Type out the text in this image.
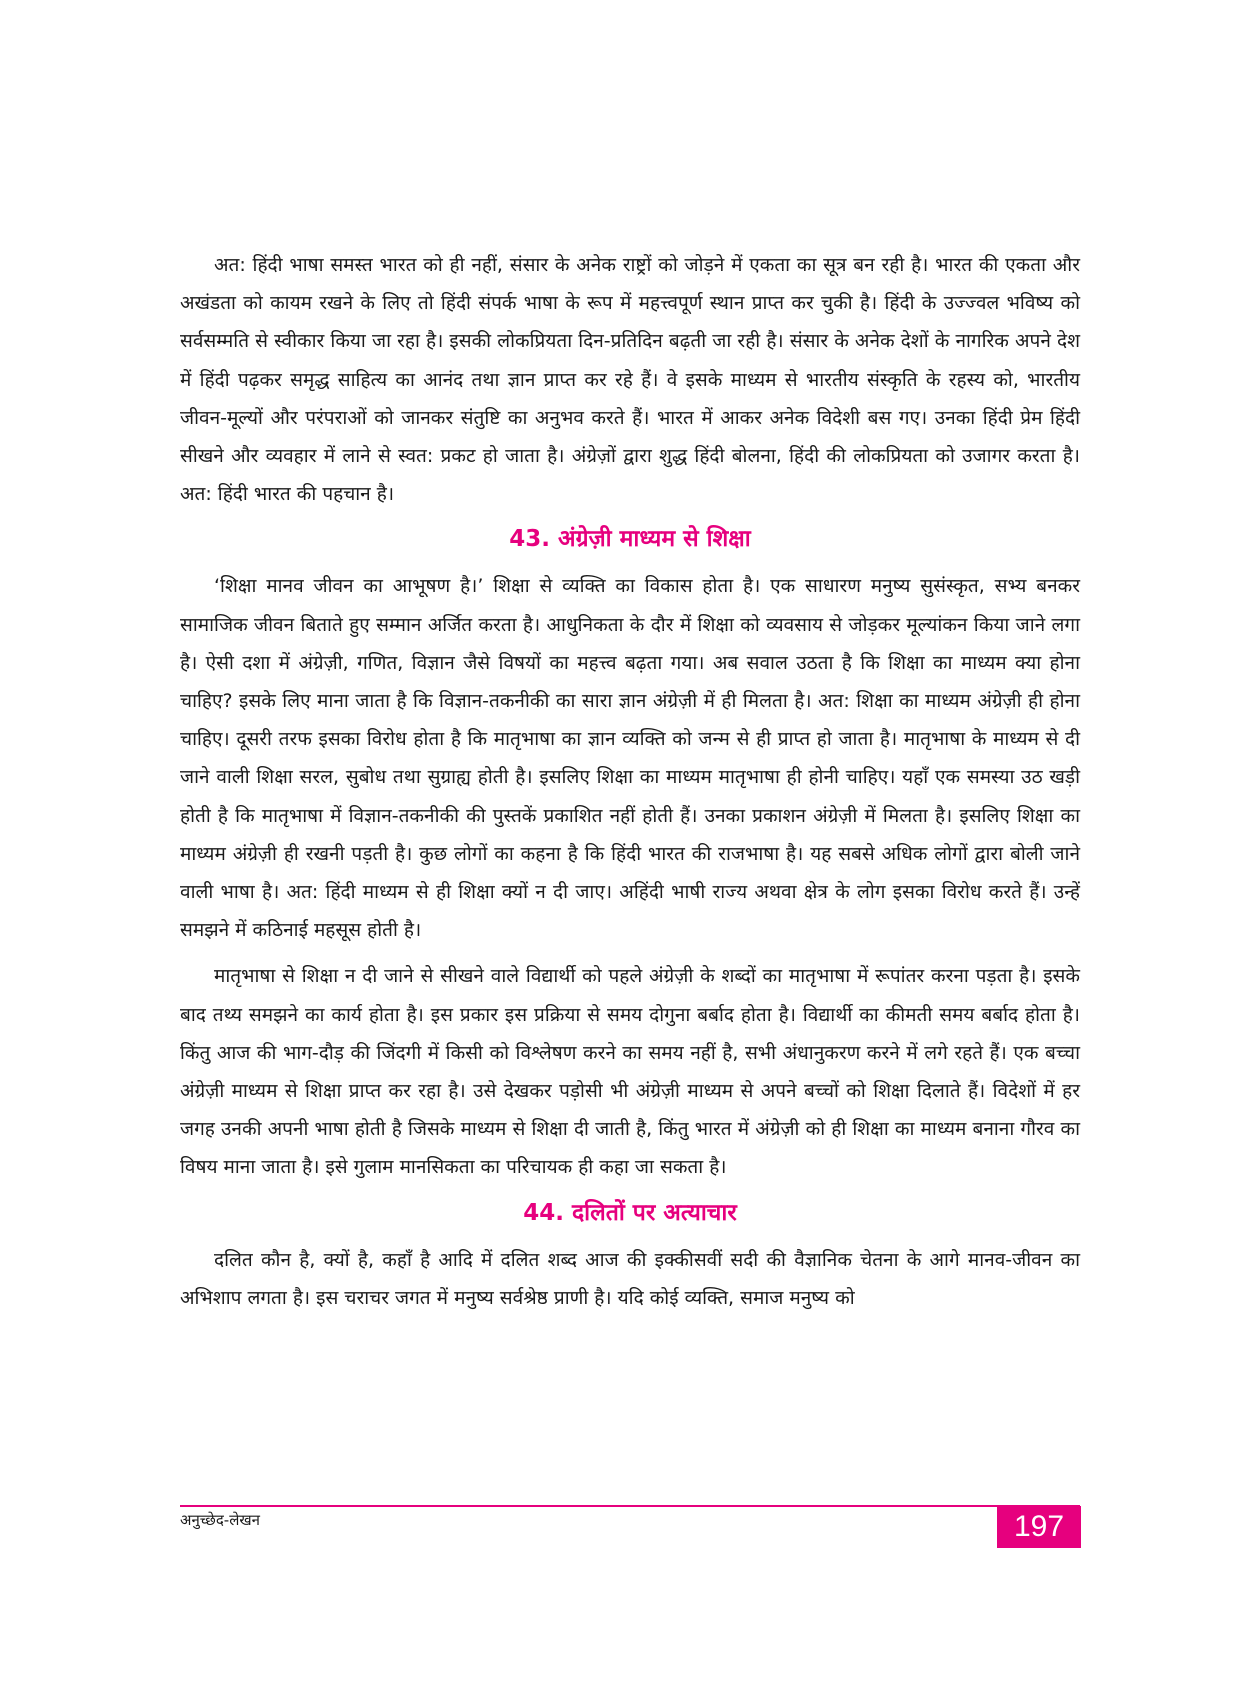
अत: हिंदी भाषा समस्त भारत को ही नहीं, संसार के अनेक राष्ट्रों को जोड़ने में एकता का सूत्र बन रही है। भारत की एकता और अखंडता को कायम रखने के लिए तो हिंदी संपर्क भाषा के रूप में महत्त्वपूर्ण स्थान प्राप्त कर चुकी है। हिंदी के उज्ज्वल भविष्य को सर्वसम्मति से स्वीकार किया जा रहा है। इसकी लोकप्रियता दिन-प्रतिदिन बढ़ती जा रही है। संसार के अनेक देशों के नागरिक अपने देश में हिंदी पढ़कर समृद्ध साहित्य का आनंद तथा ज्ञान प्राप्त कर रहे हैं। वे इसके माध्यम से भारतीय संस्कृति के रहस्य को, भारतीय जीवन-मूल्यों और परंपराओं को जानकर संतुष्टि का अनुभव करते हैं। भारत में आकर अनेक विदेशी बस गए। उनका हिंदी प्रेम हिंदी सीखने और व्यवहार में लाने से स्वत: प्रकट हो जाता है। अंग्रेज़ों द्वारा शुद्ध हिंदी बोलना, हिंदी की लोकप्रियता को उजागर करता है। अत: हिंदी भारत की पहचान है।

43. अंग्रेज़ी माध्यम से शिक्षा

‘शिक्षा मानव जीवन का आभूषण है।’ शिक्षा से व्यक्ति का विकास होता है। एक साधारण मनुष्य सुसंस्कृत, सभ्य बनकर सामाजिक जीवन बिताते हुए सम्मान अर्जित करता है। आधुनिकता के दौर में शिक्षा को व्यवसाय से जोड़कर मूल्यांकन किया जाने लगा है। ऐसी दशा में अंग्रेज़ी, गणित, विज्ञान जैसे विषयों का महत्त्व बढ़ता गया। अब सवाल उठता है कि शिक्षा का माध्यम क्या होना चाहिए? इसके लिए माना जाता है कि विज्ञान-तकनीकी का सारा ज्ञान अंग्रेज़ी में ही मिलता है। अत: शिक्षा का माध्यम अंग्रेज़ी ही होना चाहिए। दूसरी तरफ इसका विरोध होता है कि मातृभाषा का ज्ञान व्यक्ति को जन्म से ही प्राप्त हो जाता है। मातृभाषा के माध्यम से दी जाने वाली शिक्षा सरल, सुबोध तथा सुग्राह्य होती है। इसलिए शिक्षा का माध्यम मातृभाषा ही होनी चाहिए। यहाँ एक समस्या उठ खड़ी होती है कि मातृभाषा में विज्ञान-तकनीकी की पुस्तकें प्रकाशित नहीं होती हैं। उनका प्रकाशन अंग्रेज़ी में मिलता है। इसलिए शिक्षा का माध्यम अंग्रेज़ी ही रखनी पड़ती है। कुछ लोगों का कहना है कि हिंदी भारत की राजभाषा है। यह सबसे अधिक लोगों द्वारा बोली जाने वाली भाषा है। अत: हिंदी माध्यम से ही शिक्षा क्यों न दी जाए। अहिंदी भाषी राज्य अथवा क्षेत्र के लोग इसका विरोध करते हैं। उन्हें समझने में कठिनाई महसूस होती है।

मातृभाषा से शिक्षा न दी जाने से सीखने वाले विद्यार्थी को पहले अंग्रेज़ी के शब्दों का मातृभाषा में रूपांतर करना पड़ता है। इसके बाद तथ्य समझने का कार्य होता है। इस प्रकार इस प्रक्रिया से समय दोगुना बर्बाद होता है। विद्यार्थी का कीमती समय बर्बाद होता है। किंतु आज की भाग-दौड़ की जिंदगी में किसी को विश्लेषण करने का समय नहीं है, सभी अंधानुकरण करने में लगे रहते हैं। एक बच्चा अंग्रेज़ी माध्यम से शिक्षा प्राप्त कर रहा है। उसे देखकर पड़ोसी भी अंग्रेज़ी माध्यम से अपने बच्चों को शिक्षा दिलाते हैं। विदेशों में हर जगह उनकी अपनी भाषा होती है जिसके माध्यम से शिक्षा दी जाती है, किंतु भारत में अंग्रेज़ी को ही शिक्षा का माध्यम बनाना गौरव का विषय माना जाता है। इसे गुलाम मानसिकता का परिचायक ही कहा जा सकता है।

44. दलितों पर अत्याचार

दलित कौन है, क्यों है, कहाँ है आदि में दलित शब्द आज की इक्कीसवीं सदी की वैज्ञानिक चेतना के आगे मानव-जीवन का अभिशाप लगता है। इस चराचर जगत में मनुष्य सर्वश्रेष्ठ प्राणी है। यदि कोई व्यक्ति, समाज मनुष्य को

अनुच्छेद-लेखन	197
